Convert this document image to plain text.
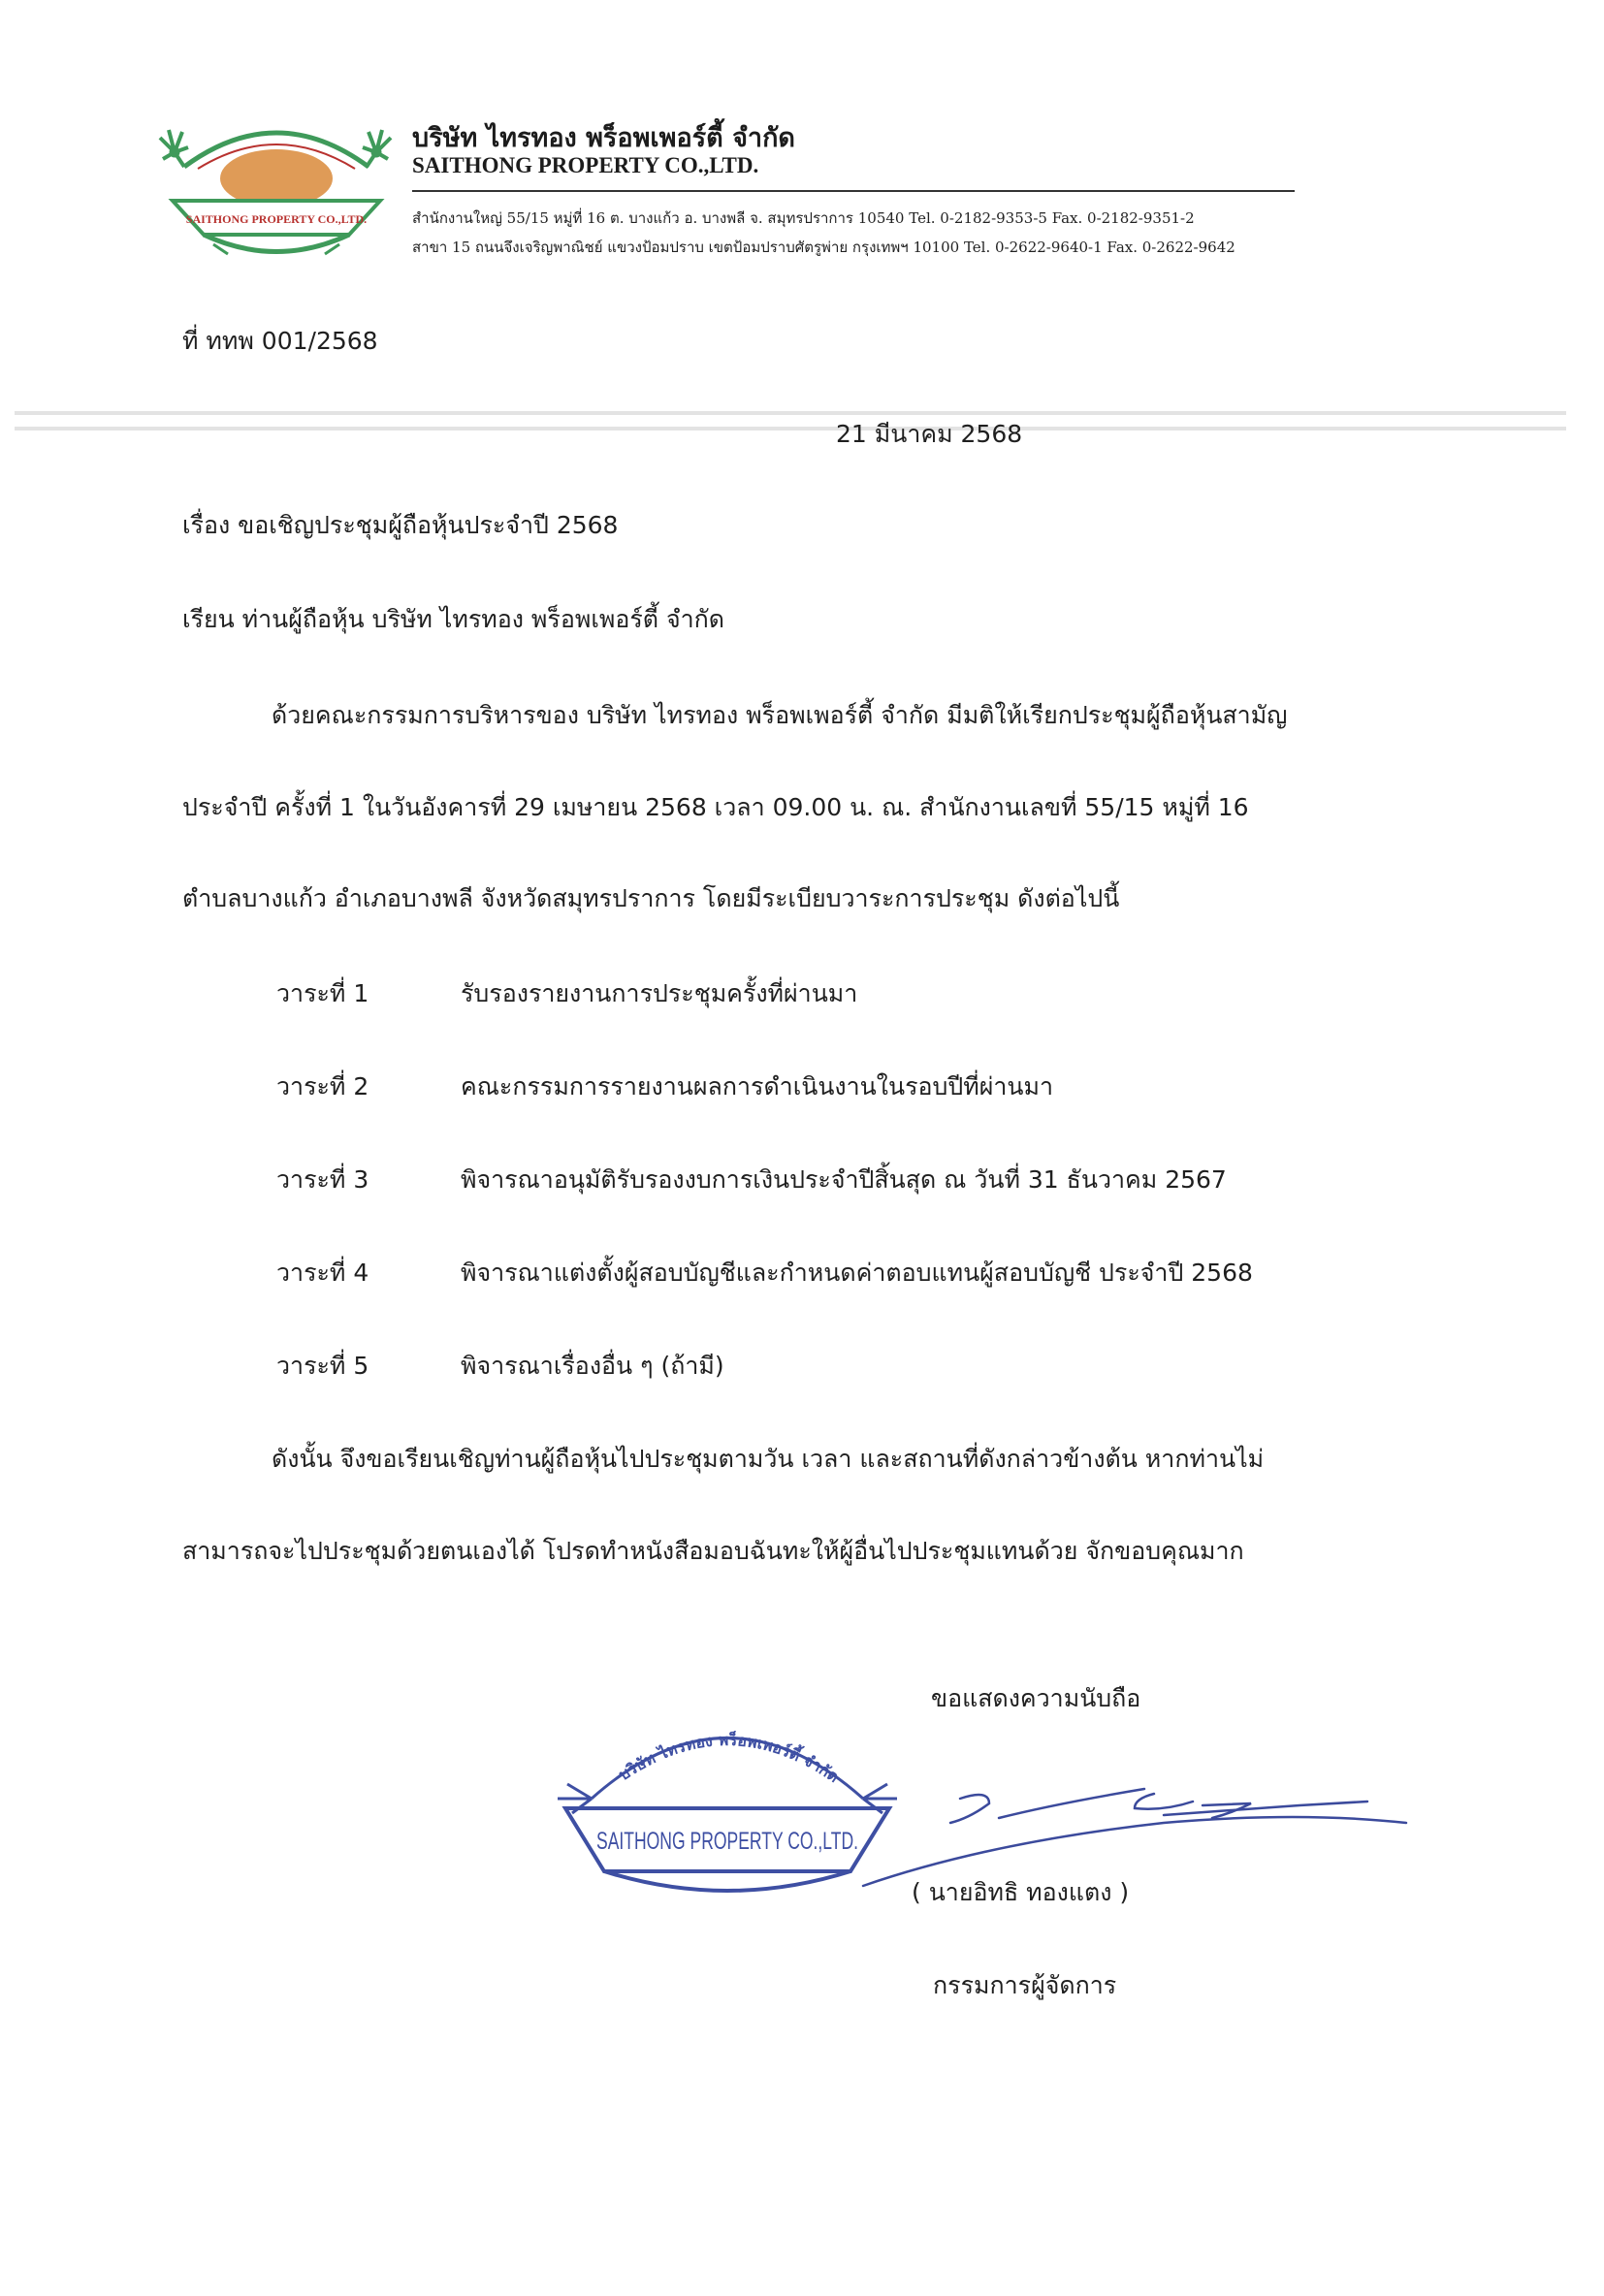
SAITHONG PROPERTY CO.,LTD.
บริษัท ไทรทอง พร็อพเพอร์ตี้ จำกัด
SAITHONG PROPERTY CO.,LTD.
สำนักงานใหญ่ 55/15 หมู่ที่ 16 ต. บางแก้ว อ. บางพลี จ. สมุทรปราการ 10540 Tel. 0-2182-9353-5 Fax. 0-2182-9351-2
สาขา 15 ถนนจึงเจริญพาณิชย์ แขวงป้อมปราบ เขตป้อมปราบศัตรูพ่าย กรุงเทพฯ 10100 Tel. 0-2622-9640-1 Fax. 0-2622-9642
ที่ ททพ 001/2568
21 มีนาคม 2568
เรื่อง ขอเชิญประชุมผู้ถือหุ้นประจำปี 2568
เรียน ท่านผู้ถือหุ้น บริษัท ไทรทอง พร็อพเพอร์ตี้ จำกัด
ด้วยคณะกรรมการบริหารของ บริษัท ไทรทอง พร็อพเพอร์ตี้ จำกัด มีมติให้เรียกประชุมผู้ถือหุ้นสามัญ
ประจำปี ครั้งที่ 1 ในวันอังคารที่ 29 เมษายน 2568 เวลา 09.00 น. ณ. สำนักงานเลขที่ 55/15 หมู่ที่ 16
ตำบลบางแก้ว อำเภอบางพลี จังหวัดสมุทรปราการ โดยมีระเบียบวาระการประชุม ดังต่อไปนี้
วาระที่ 1	รับรองรายงานการประชุมครั้งที่ผ่านมา
วาระที่ 2	คณะกรรมการรายงานผลการดำเนินงานในรอบปีที่ผ่านมา
วาระที่ 3	พิจารณาอนุมัติรับรองงบการเงินประจำปีสิ้นสุด ณ วันที่ 31 ธันวาคม 2567
วาระที่ 4	พิจารณาแต่งตั้งผู้สอบบัญชีและกำหนดค่าตอบแทนผู้สอบบัญชี ประจำปี 2568
วาระที่ 5	พิจารณาเรื่องอื่น ๆ (ถ้ามี)
ดังนั้น จึงขอเรียนเชิญท่านผู้ถือหุ้นไปประชุมตามวัน เวลา และสถานที่ดังกล่าวข้างต้น หากท่านไม่
สามารถจะไปประชุมด้วยตนเองได้ โปรดทำหนังสือมอบฉันทะให้ผู้อื่นไปประชุมแทนด้วย จักขอบคุณมาก
บริษัท ไทรทอง พร็อพเพอร์ตี้ จำกัด
SAITHONG PROPERTY CO.,LTD.
ขอแสดงความนับถือ
( นายอิทธิ ทองแตง )
กรรมการผู้จัดการ
